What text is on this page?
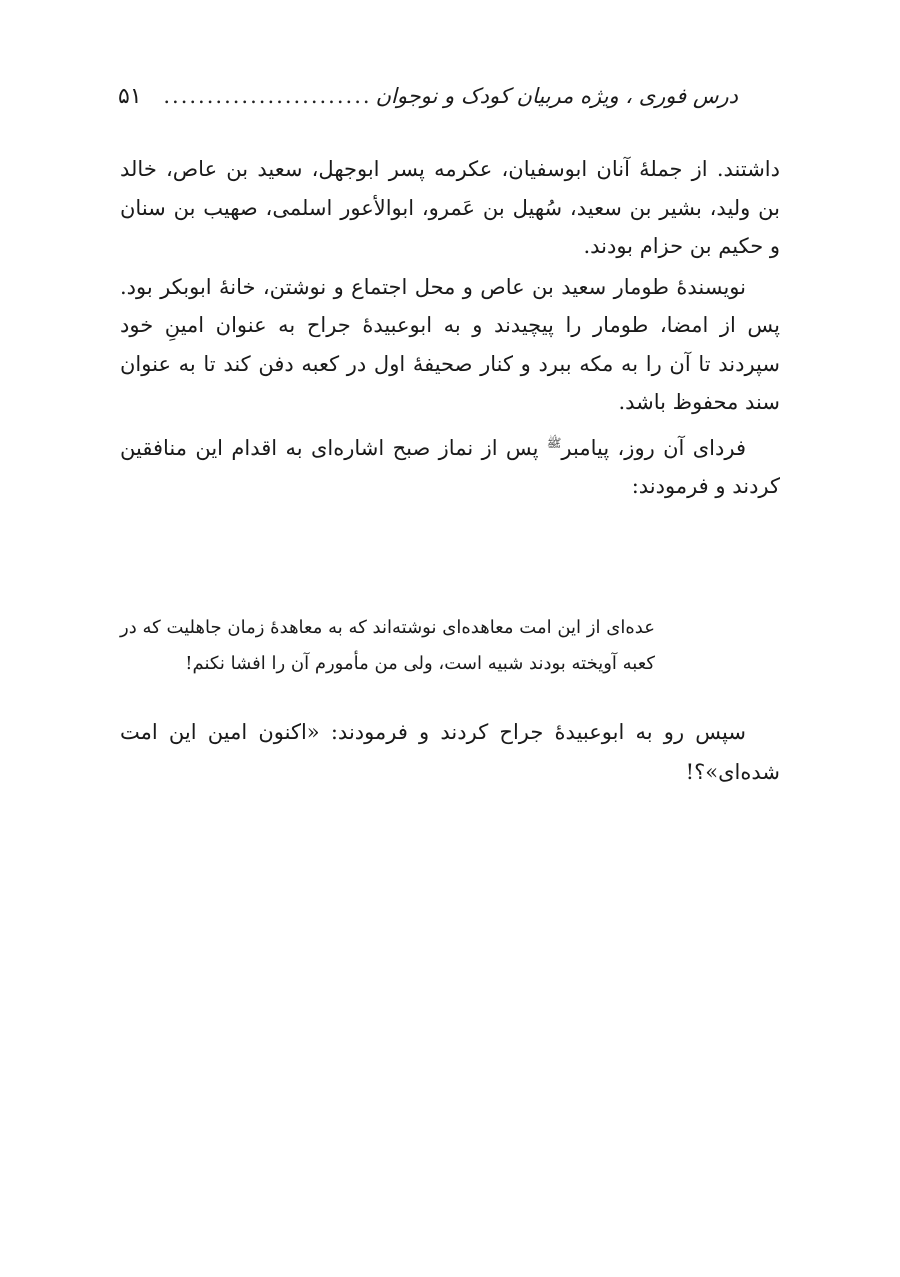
درس فوری ، ویژه مربیان کودک و نوجوان
........................
۵۱

داشتند. از جملهٔ آنان ابوسفیان، عکرمه پسر ابوجهل، سعید بن عاص، خالد بن ولید، بشیر بن سعید، سُهیل بن عَمرو، ابوالأعور اسلمی، صهیب بن سنان و حکیم بن حزام بودند.

نویسندهٔ طومار سعید بن عاص و محل اجتماع و نوشتن، خانهٔ ابوبکر بود. پس از امضا، طومار را پیچیدند و به ابوعبیدهٔ جراح به عنوان امینِ خود سپردند تا آن را به مکه ببرد و کنار صحیفهٔ اول در کعبه دفن کند تا به عنوان سند محفوظ باشد.

فردای آن روز، پیامبر$^ﷺ$ پس از نماز صبح اشاره‌ای به اقدام این منافقین کردند و فرمودند:

عده‌ای از این امت معاهده‌ای نوشته‌اند که به معاهدهٔ زمان جاهلیت که در کعبه آویخته بودند شبیه است، ولی من مأمورم آن را افشا نکنم!

سپس رو به ابوعبیدهٔ جراح کردند و فرمودند: «اکنون امین این امت شده‌ای»؟!
